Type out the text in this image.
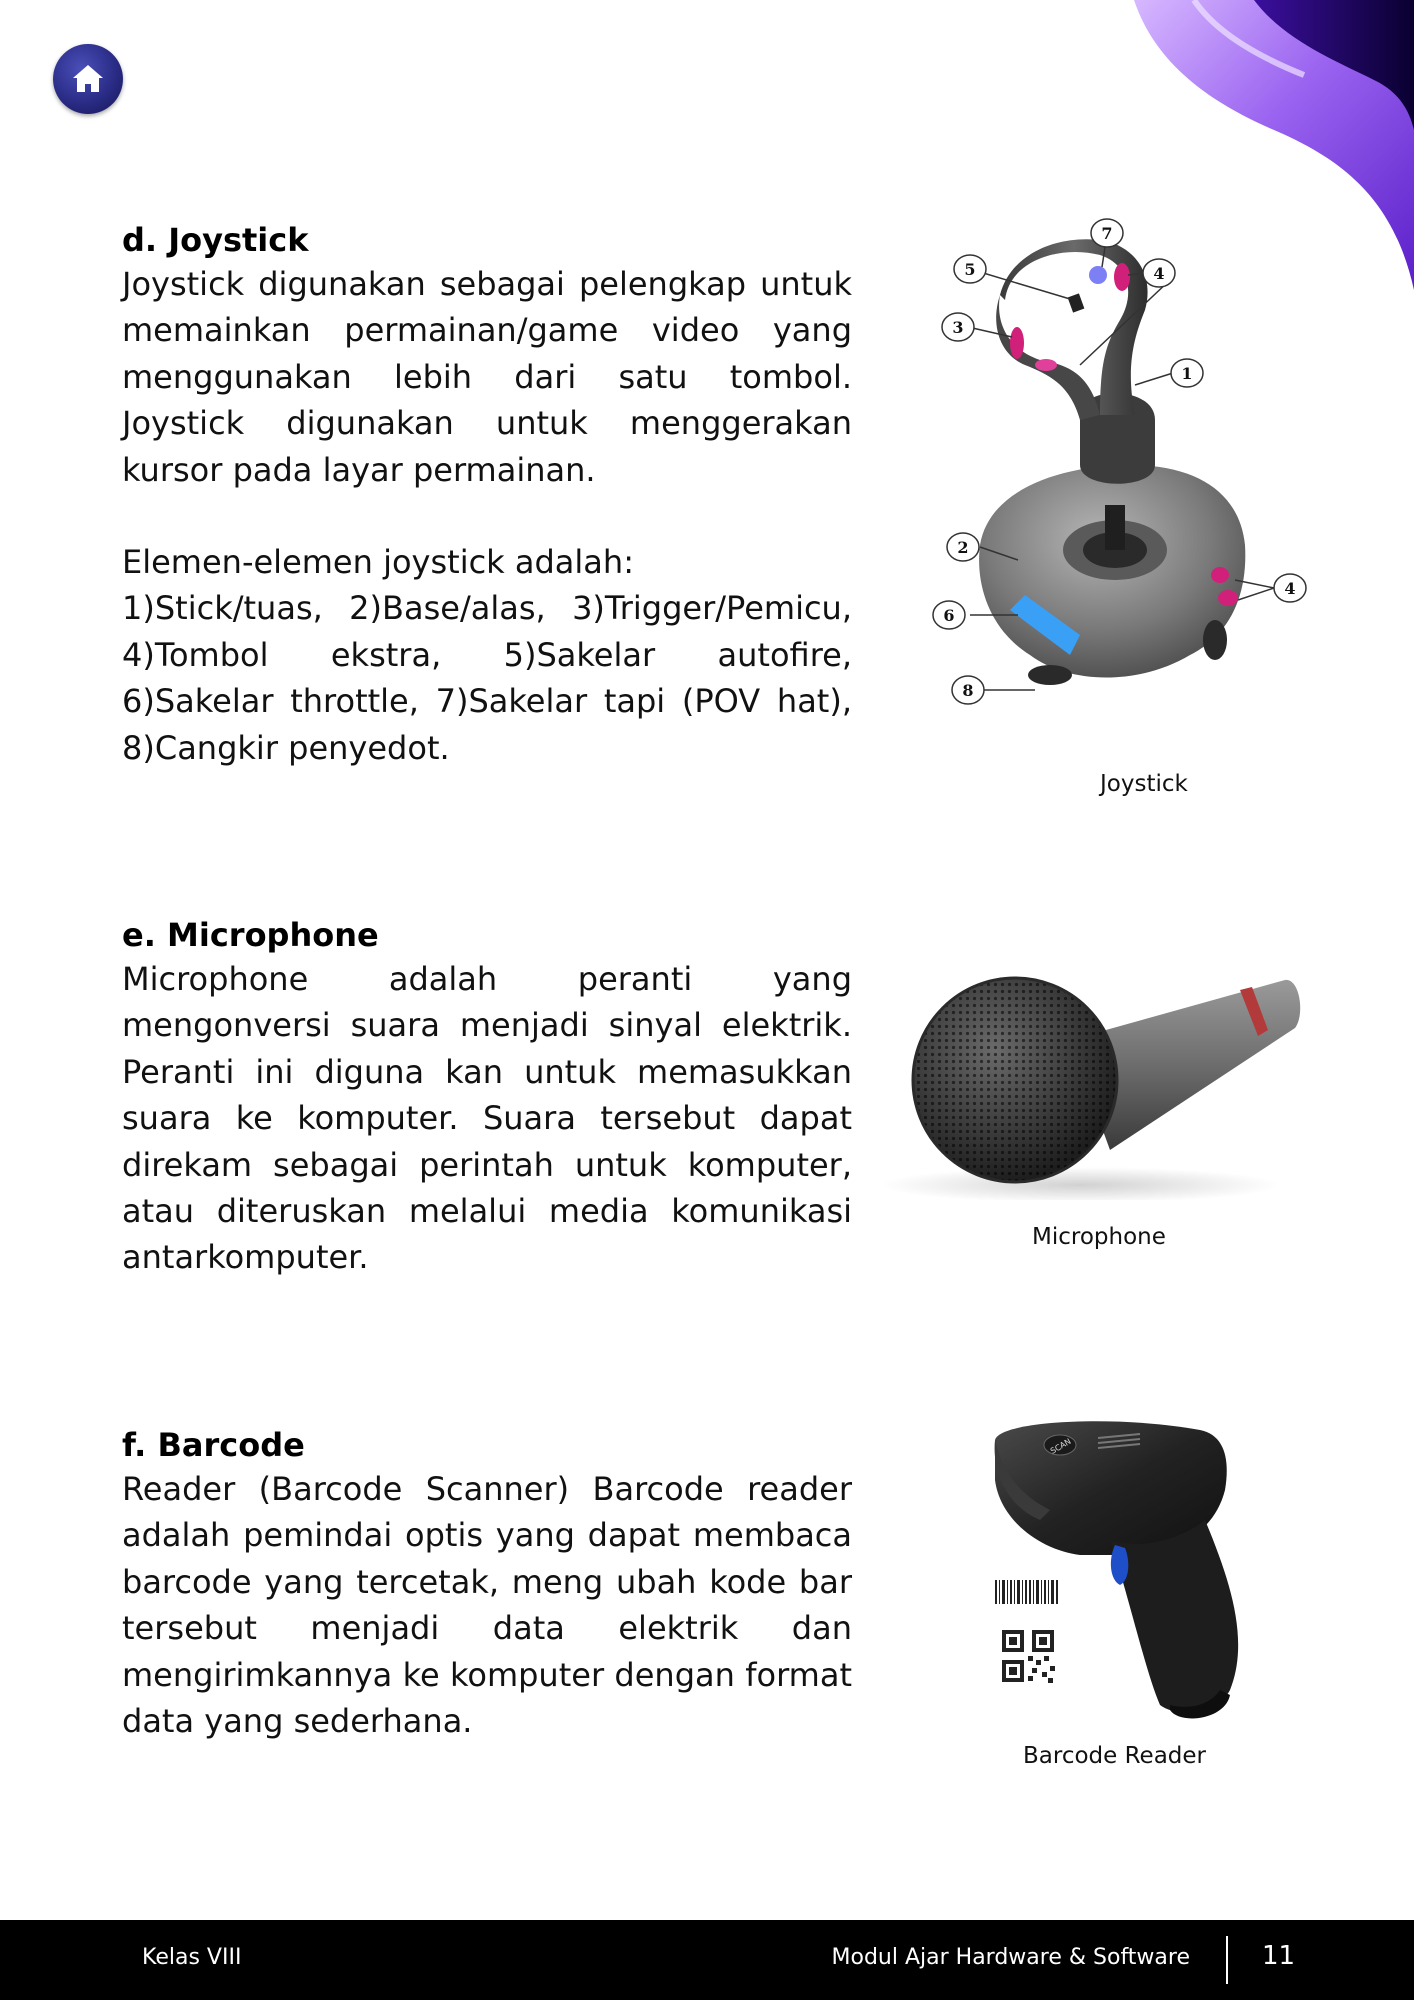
d. Joystick

Joystick digunakan sebagai pelengkap untuk memainkan permainan/game video yang menggunakan lebih dari satu tombol. Joystick digunakan untuk menggerakan kursor pada layar permainan.

Elemen-elemen joystick adalah:

1)Stick/tuas, 2)Base/alas, 3)Trigger/Pemicu, 4)Tombol ekstra, 5)Sakelar autofire, 6)Sakelar throttle, 7)Sakelar tapi (POV hat), 8)Cangkir penyedot.

1
2
3
4
4
5
6
7
8
Joystick
e. Microphone

Microphone adalah peranti yang mengonversi suara menjadi sinyal elektrik. Peranti ini diguna kan untuk memasukkan suara ke komputer. Suara tersebut dapat direkam sebagai perintah untuk komputer, atau diteruskan melalui media komunikasi antarkomputer.

Microphone
f. Barcode

Reader (Barcode Scanner) Barcode reader adalah pemindai optis yang dapat membaca barcode yang tercetak, meng ubah kode bar tersebut menjadi data elektrik dan mengirimkannya ke komputer dengan format data yang sederhana.

SCAN
Barcode Reader
Kelas VIII	Modul Ajar Hardware & Software	11
